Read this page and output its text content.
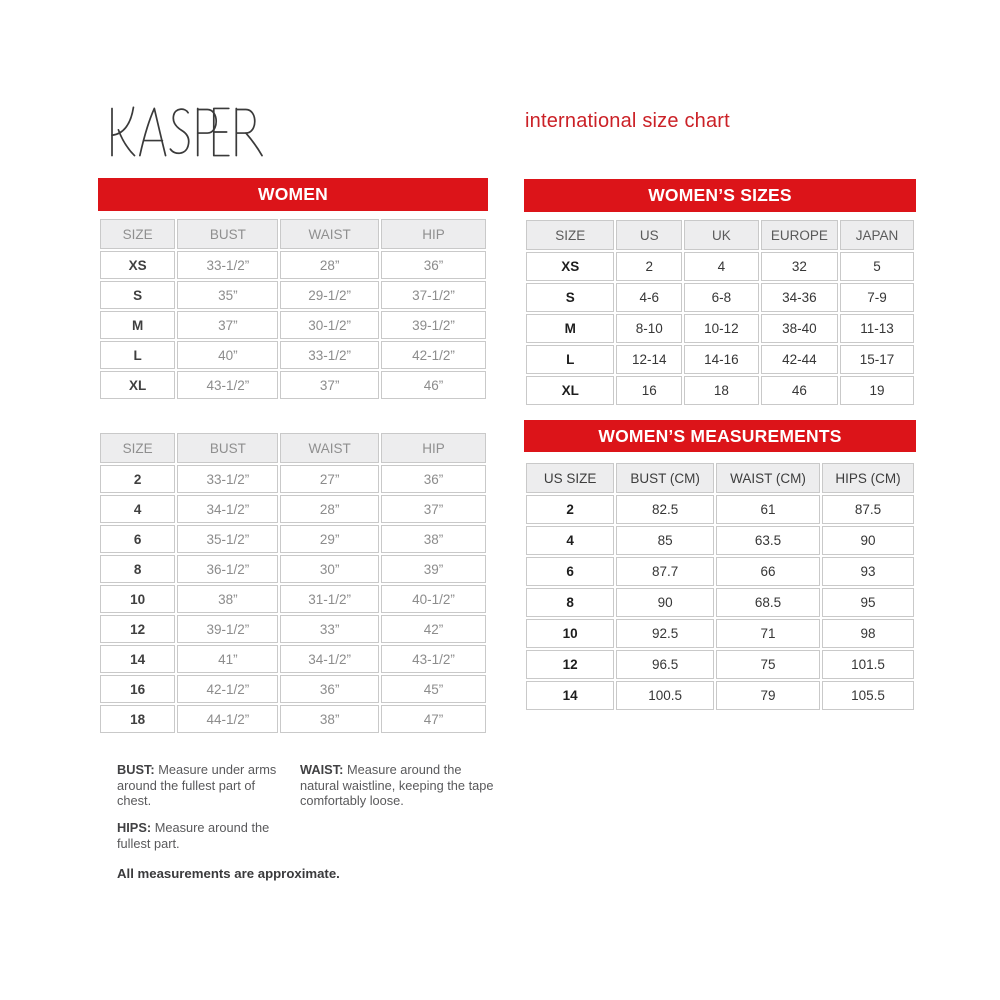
international size chart
WOMEN
SIZE	BUST	WAIST	HIP
XS	33-1/2”	28”	36”
S	35”	29-1/2”	37-1/2”
M	37”	30-1/2”	39-1/2”
L	40”	33-1/2”	42-1/2”
XL	43-1/2”	37”	46”
WOMEN’S SIZES
SIZE	US	UK	EUROPE	JAPAN
XS	2	4	32	5
S	4-6	6-8	34-36	7-9
M	8-10	10-12	38-40	11-13
L	12-14	14-16	42-44	15-17
XL	16	18	46	19
SIZE	BUST	WAIST	HIP
2	33-1/2”	27”	36”
4	34-1/2”	28”	37”
6	35-1/2”	29”	38”
8	36-1/2”	30”	39”
10	38”	31-1/2”	40-1/2”
12	39-1/2”	33”	42”
14	41”	34-1/2”	43-1/2”
16	42-1/2”	36”	45”
18	44-1/2”	38”	47”
WOMEN’S MEASUREMENTS
US SIZE	BUST (CM)	WAIST (CM)	HIPS (CM)
2	82.5	61	87.5
4	85	63.5	90
6	87.7	66	93
8	90	68.5	95
10	92.5	71	98
12	96.5	75	101.5
14	100.5	79	105.5

BUST: Measure under arms around the fullest part of chest.

WAIST: Measure around the natural waistline, keeping the tape comfortably loose.

HIPS: Measure around the fullest part.

All measurements are approximate.
